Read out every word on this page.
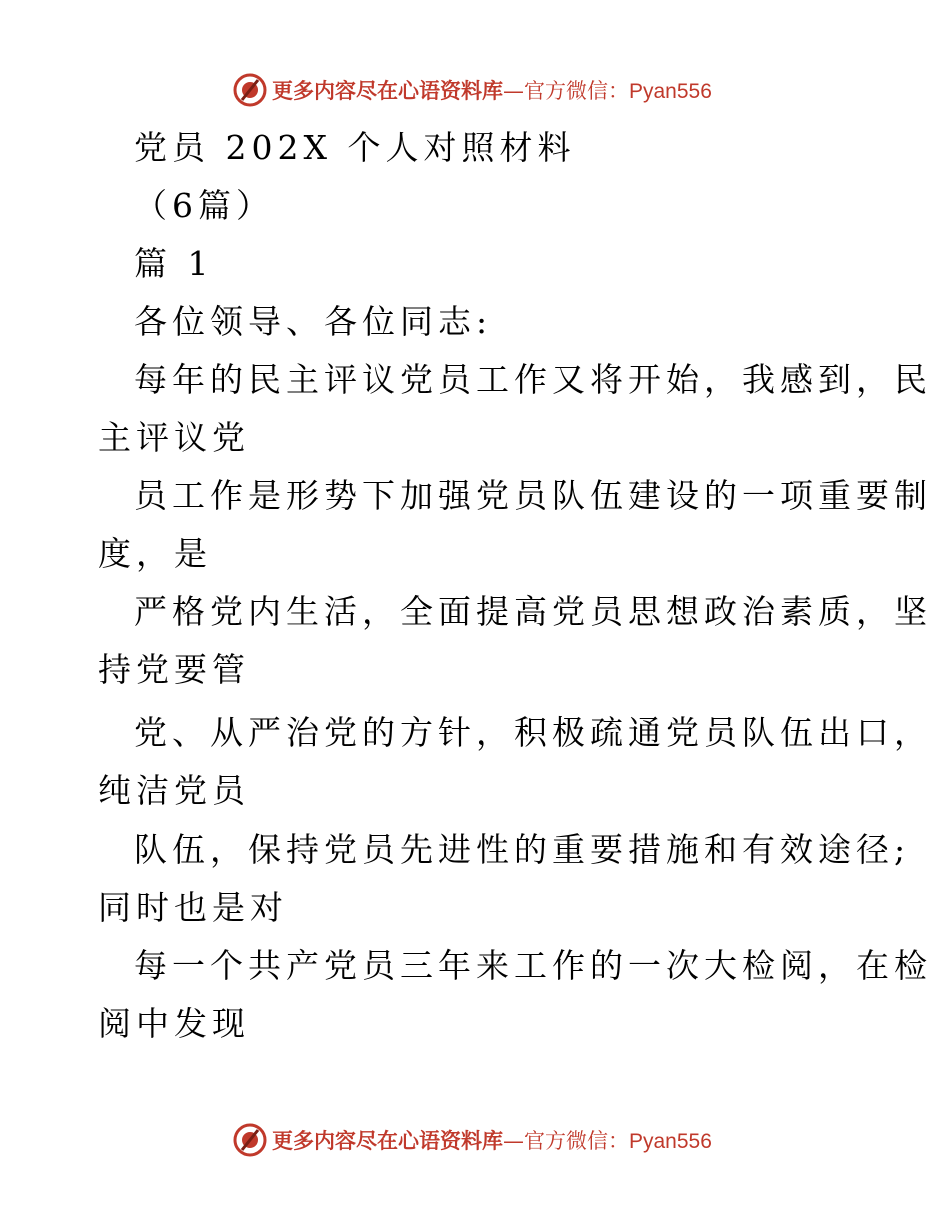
更多内容尽在心语资料库—官方微信：Pyan556
党员 202X 个人对照材料
（6篇）
篇 1
各位领导、各位同志:
每年的民主评议党员工作又将开始，我感到，民
主评议党
员工作是形势下加强党员队伍建设的一项重要制
度，是
严格党内生活，全面提高党员思想政治素质，坚
持党要管
党、从严治党的方针，积极疏通党员队伍出口，
纯洁党员
队伍，保持党员先进性的重要措施和有效途径;
同时也是对
每一个共产党员三年来工作的一次大检阅，在检
阅中发现
更多内容尽在心语资料库—官方微信：Pyan556
